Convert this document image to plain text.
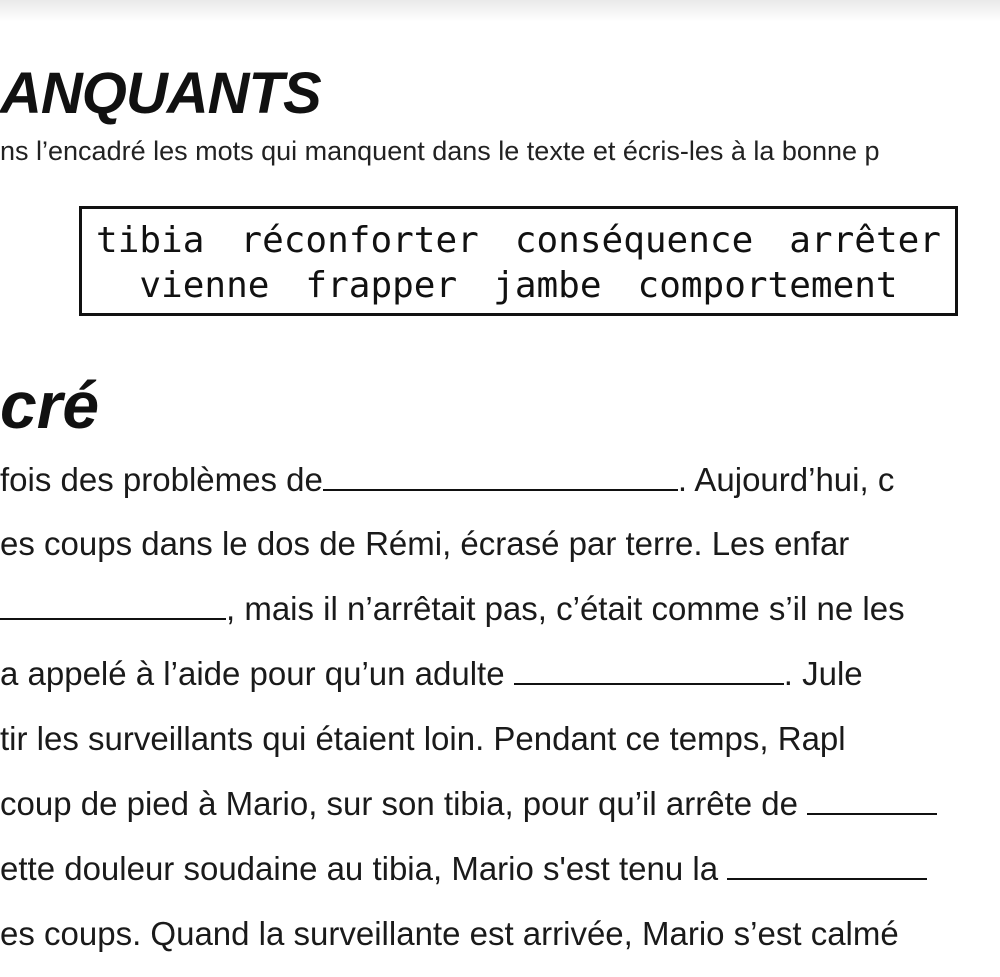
ANQUANTS
ns l’encadré les mots qui manquent dans le texte et écris-les à la bonne p
tibia réconforter conséquence arrêter
vienne frapper jambe comportement
cré
fois des problèmes de	. Aujourd’hui, c
es coups dans le dos de Rémi, écrasé par terre. Les enfar
, mais il n’arrêtait pas, c’était comme s’il ne les
a appelé à l’aide pour qu’un adulte	. Jule
tir les surveillants qui étaient loin. Pendant ce temps, Rapl
coup de pied à Mario, sur son tibia, pour qu’il arrête de
ette douleur soudaine au tibia, Mario s'est tenu la
es coups. Quand la surveillante est arrivée, Mario s’est calmé
